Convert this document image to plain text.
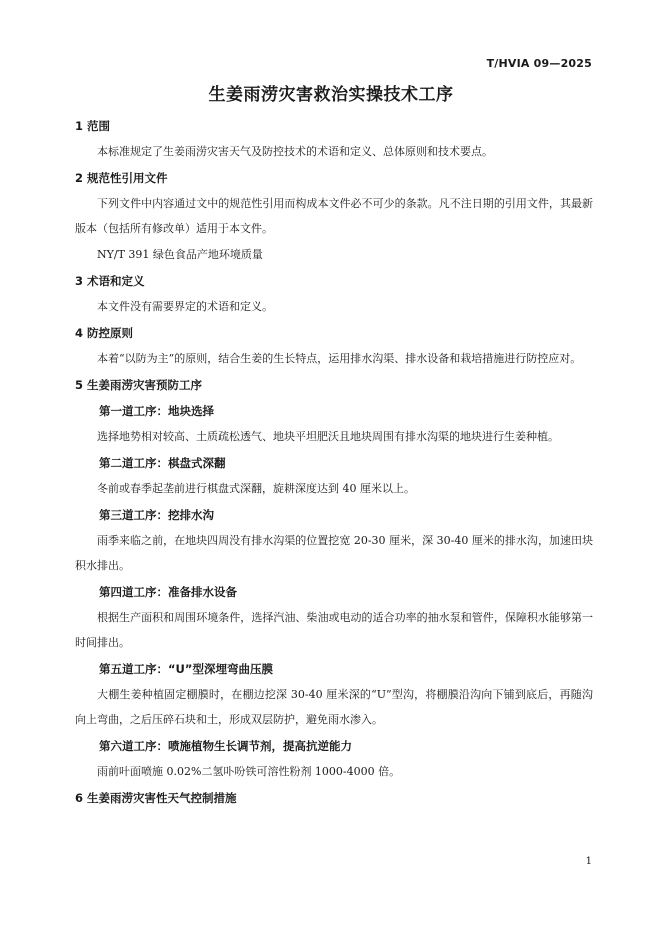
T/HVIA 09—2025
生姜雨涝灾害救治实操技术工序
1 范围
本标准规定了生姜雨涝灾害天气及防控技术的术语和定义、总体原则和技术要点。
2 规范性引用文件
下列文件中内容通过文中的规范性引用而构成本文件必不可少的条款。凡不注日期的引用文件，其最新版本（包括所有修改单）适用于本文件。
NY/T 391 绿色食品产地环境质量
3 术语和定义
本文件没有需要界定的术语和定义。
4 防控原则
本着“以防为主”的原则，结合生姜的生长特点，运用排水沟渠、排水设备和栽培措施进行防控应对。
5 生姜雨涝灾害预防工序
第一道工序：地块选择
选择地势相对较高、土质疏松透气、地块平坦肥沃且地块周围有排水沟渠的地块进行生姜种植。
第二道工序：棋盘式深翻
冬前或春季起垄前进行棋盘式深翻，旋耕深度达到 40 厘米以上。
第三道工序：挖排水沟
雨季来临之前，在地块四周没有排水沟渠的位置挖宽 20-30 厘米，深 30-40 厘米的排水沟，加速田块积水排出。
第四道工序：准备排水设备
根据生产面积和周围环境条件，选择汽油、柴油或电动的适合功率的抽水泵和管件，保障积水能够第一时间排出。
第五道工序：“U”型深埋弯曲压膜
大棚生姜种植固定棚膜时，在棚边挖深 30-40 厘米深的“U”型沟，将棚膜沿沟向下铺到底后，再随沟向上弯曲，之后压碎石块和土，形成双层防护，避免雨水渗入。
第六道工序：喷施植物生长调节剂，提高抗逆能力
雨前叶面喷施 0.02%二氢卟吩铁可溶性粉剂 1000-4000 倍。
6 生姜雨涝灾害性天气控制措施
1
